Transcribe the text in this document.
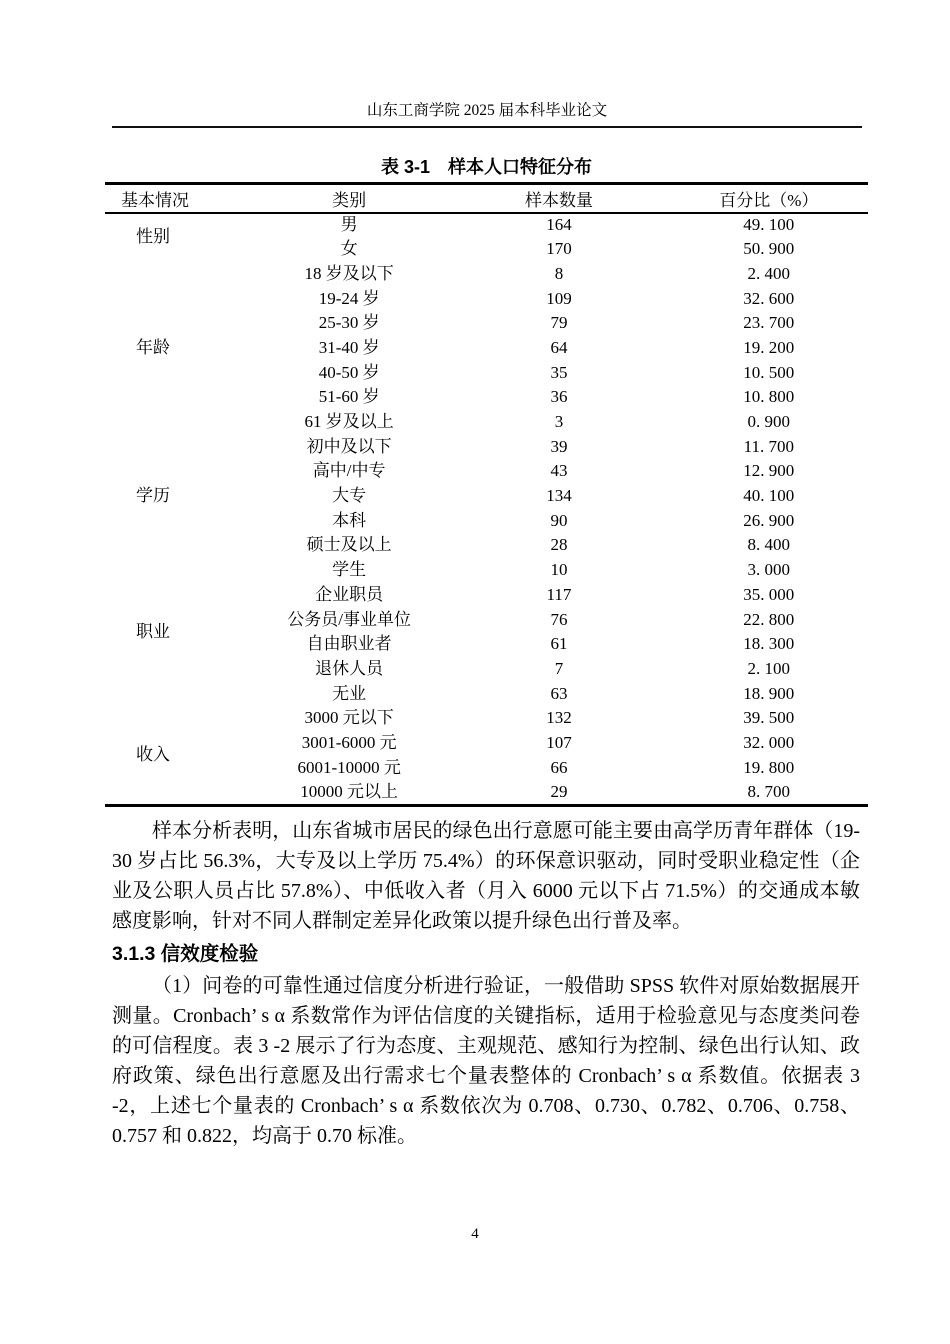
山东工商学院 2025 届本科毕业论文
表 3-1　样本人口特征分布
基本情况	类别	样本数量	百分比（%）
性别	男	164	49. 100
	女	170	50. 900
年龄	18 岁及以下	8	2. 400
	19-24 岁	109	32. 600
	25-30 岁	79	23. 700
	31-40 岁	64	19. 200
	40-50 岁	35	10. 500
	51-60 岁	36	10. 800
	61 岁及以上	3	0. 900
学历	初中及以下	39	11. 700
	高中/中专	43	12. 900
	大专	134	40. 100
	本科	90	26. 900
	硕士及以上	28	8. 400
职业	学生	10	3. 000
	企业职员	117	35. 000
	公务员/事业单位	76	22. 800
	自由职业者	61	18. 300
	退休人员	7	2. 100
	无业	63	18. 900
收入	3000 元以下	132	39. 500
	3001-6000 元	107	32. 000
	6001-10000 元	66	19. 800
	10000 元以上	29	8. 700

样本分析表明，山东省城市居民的绿色出行意愿可能主要由高学历青年群体（19-30 岁占比 56.3%，大专及以上学历 75.4%）的环保意识驱动，同时受职业稳定性（企业及公职人员占比 57.8%）、中低收入者（月入 6000 元以下占 71.5%）的交通成本敏感度影响，针对不同人群制定差异化政策以提升绿色出行普及率。

3.1.3 信效度检验

（1）问卷的可靠性通过信度分析进行验证，一般借助 SPSS 软件对原始数据展开测量。Cronbach’ s α 系数常作为评估信度的关键指标，适用于检验意见与态度类问卷的可信程度。表 3 -2 展示了行为态度、主观规范、感知行为控制、绿色出行认知、政府政策、绿色出行意愿及出行需求七个量表整体的 Cronbach’ s α 系数值。依据表 3 -2，上述七个量表的 Cronbach’ s α 系数依次为 0.708、0.730、0.782、0.706、0.758、0.757 和 0.822，均高于 0.70 标准。

4
